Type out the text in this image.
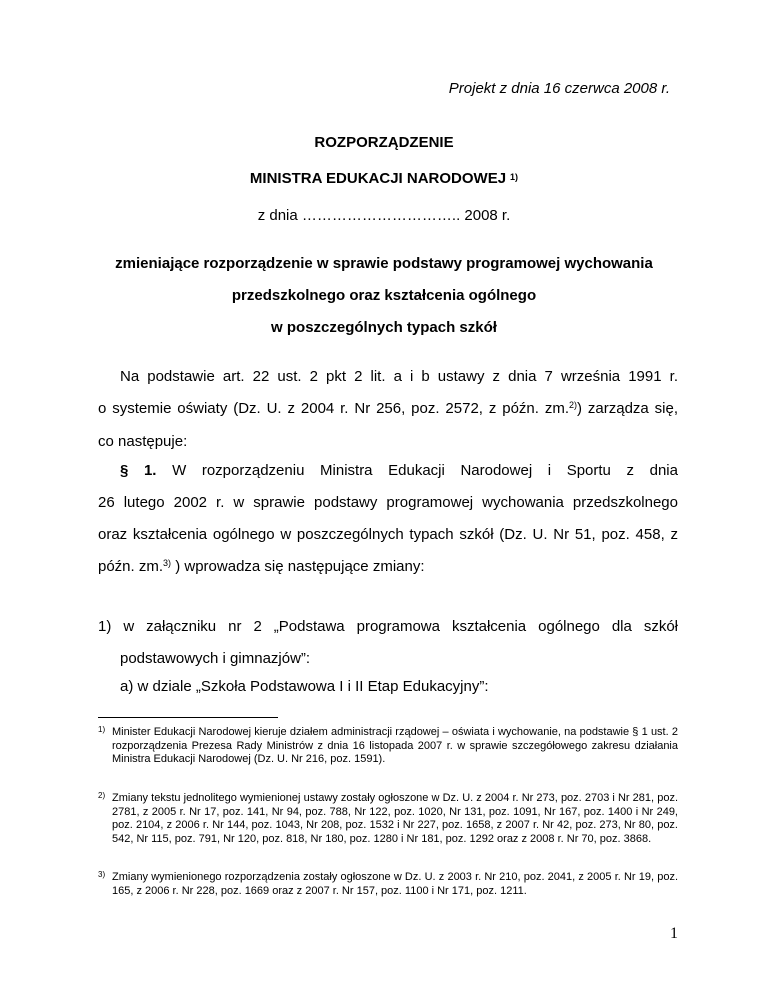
Projekt z dnia 16 czerwca 2008 r.

ROZPORZĄDZENIE

MINISTRA EDUKACJI NARODOWEJ $^{1)}$

z dnia ………………………….. 2008 r.

zmieniające rozporządzenie w sprawie podstawy programowej wychowania

przedszkolnego oraz kształcenia ogólnego

w poszczególnych typach szkół

Na podstawie art. 22 ust. 2 pkt 2 lit. a i b ustawy z dnia 7 września 1991 r.
o systemie oświaty (Dz. U. z 2004 r. Nr 256, poz. 2572, z późn. zm.$^{2)}$) zarządza się,
co następuje:
§ 1. W rozporządzeniu Ministra Edukacji Narodowej i Sportu z dnia
26 lutego 2002 r. w sprawie podstawy programowej wychowania przedszkolnego
oraz kształcenia ogólnego w poszczególnych typach szkół (Dz. U. Nr 51, poz. 458, z
późn. zm.$^{3)}$ ) wprowadza się następujące zmiany:
1) w załączniku nr 2 „Podstawa programowa kształcenia ogólnego dla szkół
podstawowych i gimnazjów”:

a) w dziale „Szkoła Podstawowa I i II Etap Edukacyjny”:

1) Minister Edukacji Narodowej kieruje działem administracji rządowej – oświata i wychowanie, na podstawie § 1 ust. 2 rozporządzenia Prezesa Rady Ministrów z dnia 16 listopada 2007 r. w sprawie szczegółowego zakresu działania Ministra Edukacji Narodowej (Dz. U. Nr 216, poz. 1591).
2) Zmiany tekstu jednolitego wymienionej ustawy zostały ogłoszone w Dz. U. z 2004 r. Nr 273, poz. 2703 i Nr 281, poz. 2781, z 2005 r. Nr 17, poz. 141, Nr 94, poz. 788, Nr 122, poz. 1020, Nr 131, poz. 1091, Nr 167, poz. 1400 i Nr 249, poz. 2104, z 2006 r. Nr 144, poz. 1043, Nr 208, poz. 1532 i Nr 227, poz. 1658, z 2007 r. Nr 42, poz. 273, Nr 80, poz. 542, Nr 115, poz. 791, Nr 120, poz. 818, Nr 180, poz. 1280 i Nr 181, poz. 1292 oraz z 2008 r. Nr 70, poz. 3868.
3) Zmiany wymienionego rozporządzenia zostały ogłoszone w Dz. U. z 2003 r. Nr 210, poz. 2041, z 2005 r. Nr 19, poz. 165, z 2006 r. Nr 228, poz. 1669 oraz z 2007 r. Nr 157, poz. 1100 i Nr 171, poz. 1211.

1
